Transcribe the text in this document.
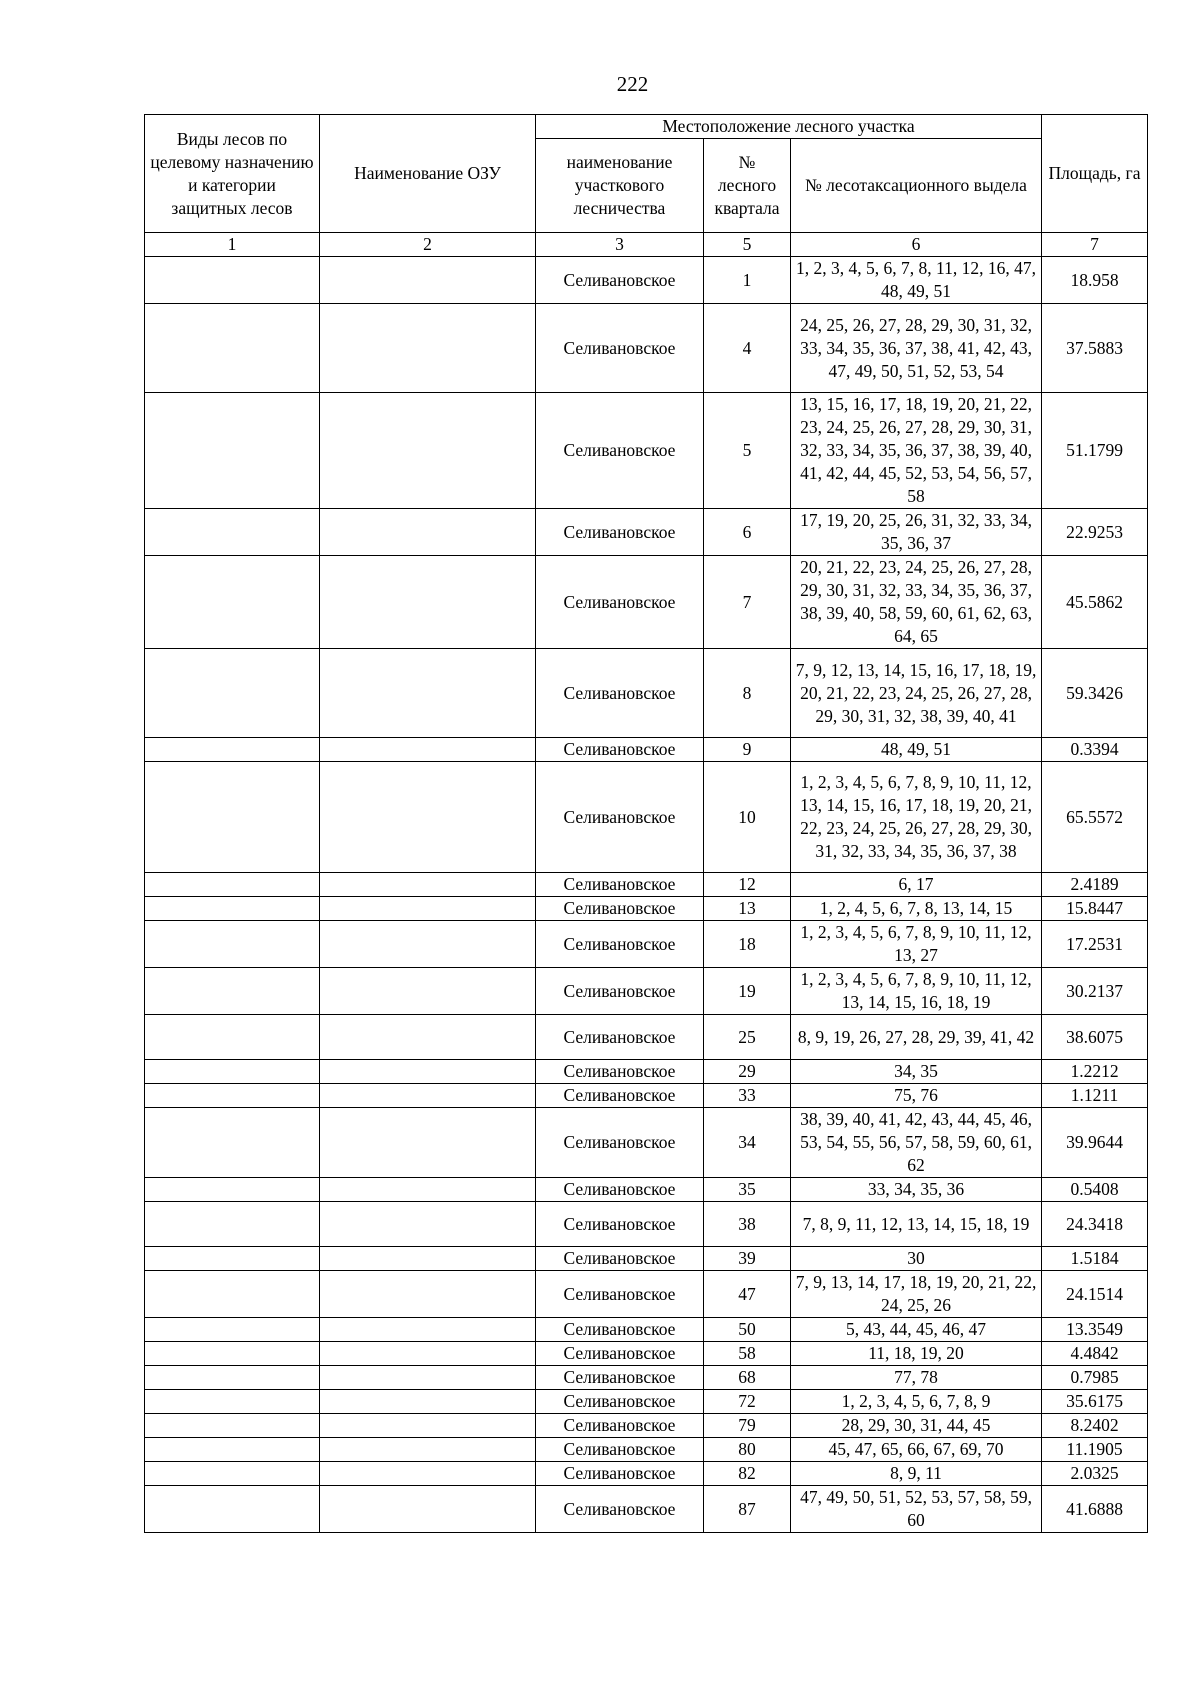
222
Виды лесов по целевому назначению и категории защитных лесов	Наименование ОЗУ	Местоположение лесного участка			Площадь, га
		наименование участкового лесничества	№ лесного квартала	№ лесотаксационного выдела	
1	2	3	5	6	7
		Селивановское	1	1, 2, 3, 4, 5, 6, 7, 8, 11, 12, 16, 47, 48, 49, 51	18.958
		Селивановское	4	24, 25, 26, 27, 28, 29, 30, 31, 32, 33, 34, 35, 36, 37, 38, 41, 42, 43, 47, 49, 50, 51, 52, 53, 54	37.5883
		Селивановское	5	13, 15, 16, 17, 18, 19, 20, 21, 22, 23, 24, 25, 26, 27, 28, 29, 30, 31, 32, 33, 34, 35, 36, 37, 38, 39, 40, 41, 42, 44, 45, 52, 53, 54, 56, 57, 58	51.1799
		Селивановское	6	17, 19, 20, 25, 26, 31, 32, 33, 34, 35, 36, 37	22.9253
		Селивановское	7	20, 21, 22, 23, 24, 25, 26, 27, 28, 29, 30, 31, 32, 33, 34, 35, 36, 37, 38, 39, 40, 58, 59, 60, 61, 62, 63, 64, 65	45.5862
		Селивановское	8	7, 9, 12, 13, 14, 15, 16, 17, 18, 19, 20, 21, 22, 23, 24, 25, 26, 27, 28, 29, 30, 31, 32, 38, 39, 40, 41	59.3426
		Селивановское	9	48, 49, 51	0.3394
		Селивановское	10	1, 2, 3, 4, 5, 6, 7, 8, 9, 10, 11, 12, 13, 14, 15, 16, 17, 18, 19, 20, 21, 22, 23, 24, 25, 26, 27, 28, 29, 30, 31, 32, 33, 34, 35, 36, 37, 38	65.5572
		Селивановское	12	6, 17	2.4189
		Селивановское	13	1, 2, 4, 5, 6, 7, 8, 13, 14, 15	15.8447
		Селивановское	18	1, 2, 3, 4, 5, 6, 7, 8, 9, 10, 11, 12, 13, 27	17.2531
		Селивановское	19	1, 2, 3, 4, 5, 6, 7, 8, 9, 10, 11, 12, 13, 14, 15, 16, 18, 19	30.2137
		Селивановское	25	8, 9, 19, 26, 27, 28, 29, 39, 41, 42	38.6075
		Селивановское	29	34, 35	1.2212
		Селивановское	33	75, 76	1.1211
		Селивановское	34	38, 39, 40, 41, 42, 43, 44, 45, 46, 53, 54, 55, 56, 57, 58, 59, 60, 61, 62	39.9644
		Селивановское	35	33, 34, 35, 36	0.5408
		Селивановское	38	7, 8, 9, 11, 12, 13, 14, 15, 18, 19	24.3418
		Селивановское	39	30	1.5184
		Селивановское	47	7, 9, 13, 14, 17, 18, 19, 20, 21, 22, 24, 25, 26	24.1514
		Селивановское	50	5, 43, 44, 45, 46, 47	13.3549
		Селивановское	58	11, 18, 19, 20	4.4842
		Селивановское	68	77, 78	0.7985
		Селивановское	72	1, 2, 3, 4, 5, 6, 7, 8, 9	35.6175
		Селивановское	79	28, 29, 30, 31, 44, 45	8.2402
		Селивановское	80	45, 47, 65, 66, 67, 69, 70	11.1905
		Селивановское	82	8, 9, 11	2.0325
		Селивановское	87	47, 49, 50, 51, 52, 53, 57, 58, 59, 60	41.6888
